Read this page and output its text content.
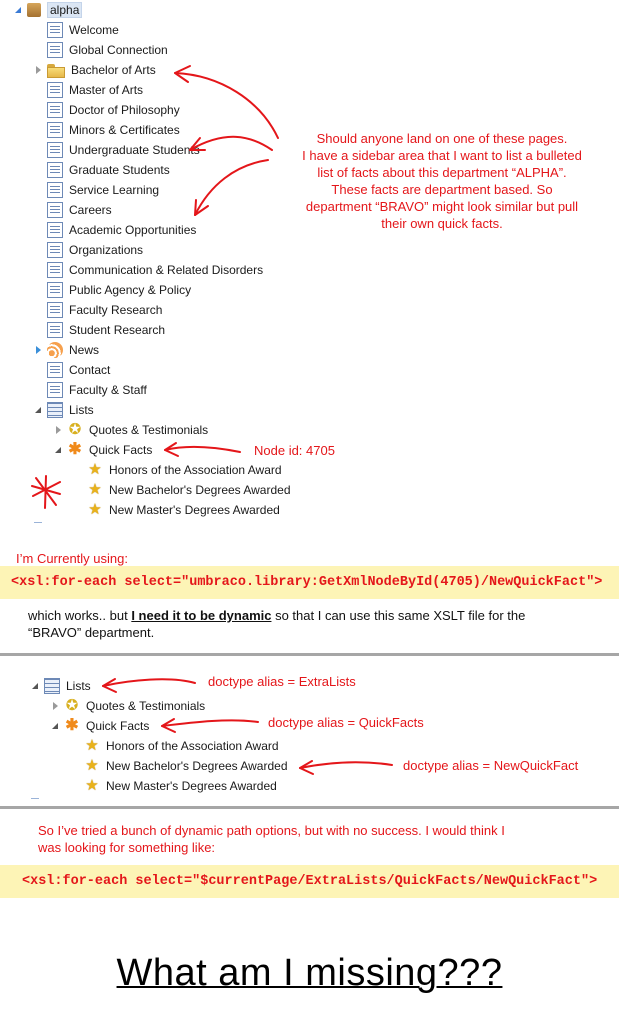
alpha
Welcome
Global Connection
Bachelor of Arts
Master of Arts
Doctor of Philosophy
Minors & Certificates
Undergraduate Students
Graduate Students
Service Learning
Careers
Academic Opportunities
Organizations
Communication & Related Disorders
Public Agency & Policy
Faculty Research
Student Research
News
Contact
Faculty & Staff
Lists
✪ Quotes & Testimonials
✱ Quick Facts
★ Honors of the Association Award
★ New Bachelor's Degrees Awarded
★ New Master's Degrees Awarded
Should anyone land on one of these pages.
I have a sidebar area that I want to list a bulleted
list of facts about this department “ALPHA”.
These facts are department based. So
department “BRAVO” might look similar but pull
their own quick facts.
Node id: 4705
I’m Currently using:
<xsl:for-each select="umbraco.library:GetXmlNodeById(4705)/NewQuickFact">
which works.. but I need it to be dynamic so that I can use this same XSLT file for the
“BRAVO” department.
Lists
✪ Quotes & Testimonials
✱ Quick Facts
★ Honors of the Association Award
★ New Bachelor's Degrees Awarded
★ New Master's Degrees Awarded
doctype alias = ExtraLists
doctype alias = QuickFacts
doctype alias = NewQuickFact
So I’ve tried a bunch of dynamic path options, but with no success. I would think I
was looking for something like:
<xsl:for-each select="$currentPage/ExtraLists/QuickFacts/NewQuickFact">
What am I missing???
